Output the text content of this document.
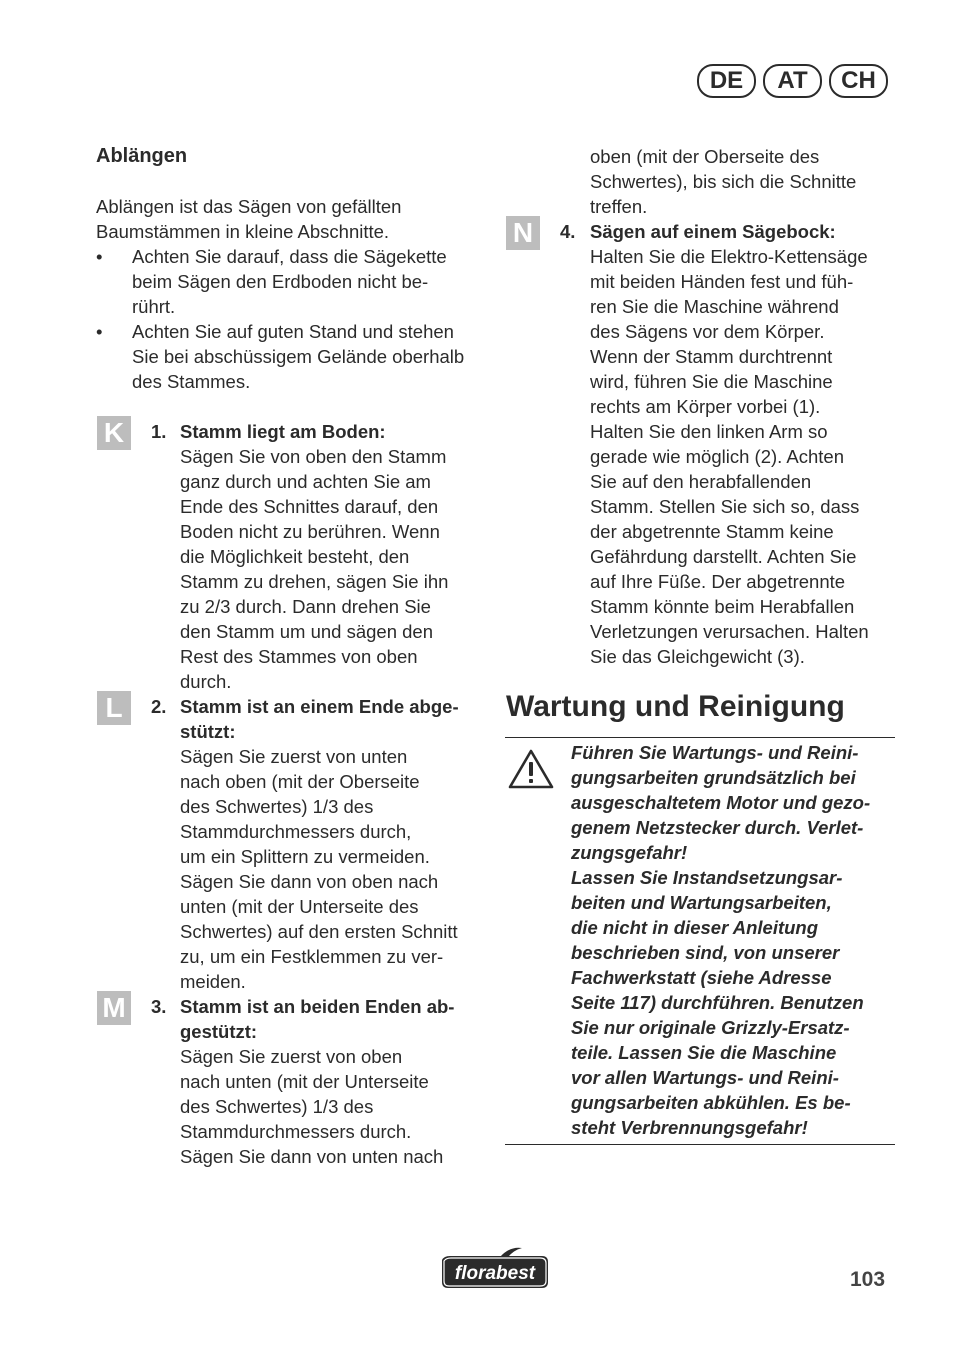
DE	AT	CH
Ablängen
Ablängen ist das Sägen von gefällten
Baumstämmen in kleine Abschnitte.
• Achten Sie darauf, dass die Sägekette
beim Sägen den Erdboden nicht be-
rührt.
• Achten Sie auf guten Stand und stehen
Sie bei abschüssigem Gelände oberhalb
des Stammes.
K	1. Stamm liegt am Boden:
Sägen Sie von oben den Stamm
ganz durch und achten Sie am
Ende des Schnittes darauf, den
Boden nicht zu berühren. Wenn
die Möglichkeit besteht, den
Stamm zu drehen, sägen Sie ihn
zu 2/3 durch. Dann drehen Sie
den Stamm um und sägen den
Rest des Stammes von oben
durch.
L	2. Stamm ist an einem Ende abge-
stützt:
Sägen Sie zuerst von unten
nach oben (mit der Oberseite
des Schwertes) 1/3 des
Stammdurchmessers durch,
um ein Splittern zu vermeiden.
Sägen Sie dann von oben nach
unten (mit der Unterseite des
Schwertes) auf den ersten Schnitt
zu, um ein Festklemmen zu ver-
meiden.
M 3. Stamm ist an beiden Enden ab-
gestützt:
Sägen Sie zuerst von oben
nach unten (mit der Unterseite
des Schwertes) 1/3 des
Stammdurchmessers durch.
Sägen Sie dann von unten nach
oben (mit der Oberseite des
Schwertes), bis sich die Schnitte
treffen.
N	4. Sägen auf einem Sägebock:
Halten Sie die Elektro-Kettensäge
mit beiden Händen fest und füh-
ren Sie die Maschine während
des Sägens vor dem Körper.
Wenn der Stamm durchtrennt
wird, führen Sie die Maschine
rechts am Körper vorbei (1).
Halten Sie den linken Arm so
gerade wie möglich (2). Achten
Sie auf den herabfallenden
Stamm. Stellen Sie sich so, dass
der abgetrennte Stamm keine
Gefährdung darstellt. Achten Sie
auf Ihre Füße. Der abgetrennte
Stamm könnte beim Herabfallen
Verletzungen verursachen. Halten
Sie das Gleichgewicht (3).
Wartung und Reinigung
Führen Sie Wartungs- und Reini-
gungsarbeiten grundsätzlich bei
ausgeschaltetem Motor und gezo-
genem Netzstecker durch. Verlet-
zungsgefahr!
Lassen Sie Instandsetzungsar-
beiten und Wartungsarbeiten,
die nicht in dieser Anleitung
beschrieben sind, von unserer
Fachwerkstatt (siehe Adresse
Seite 117) durchführen. Benutzen
Sie nur originale Grizzly-Ersatz-
teile. Lassen Sie die Maschine
vor allen Wartungs- und Reini-
gungsarbeiten abkühlen. Es be-
steht Verbrennungsgefahr!
florabest	103
